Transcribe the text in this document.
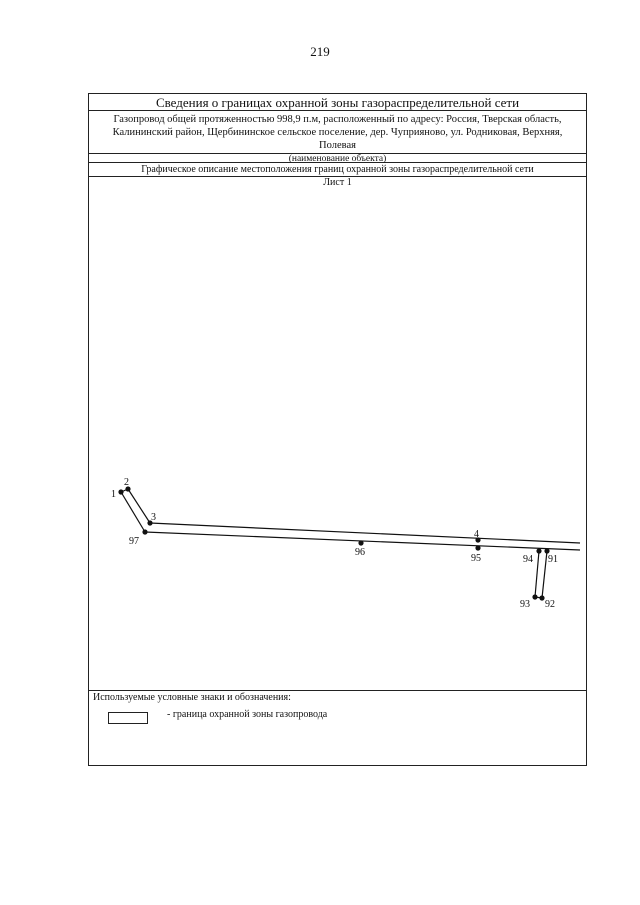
219
Сведения о границах охранной зоны газораспределительной сети
Газопровод общей протяженностью 998,9 п.м, расположенный по адресу: Россия, Тверская область, Калининский район, Щербининское сельское поселение, дер. Чуприяново, ул. Родниковая, Верхняя, Полевая
(наименование объекта)
Графическое описание местоположения границ охранной зоны газораспределительной сети
Лист 1
1
2
3
97
96
4
95	94 91
93 92
Используемые условные знаки и обозначения:
- граница охранной зоны газопровода
